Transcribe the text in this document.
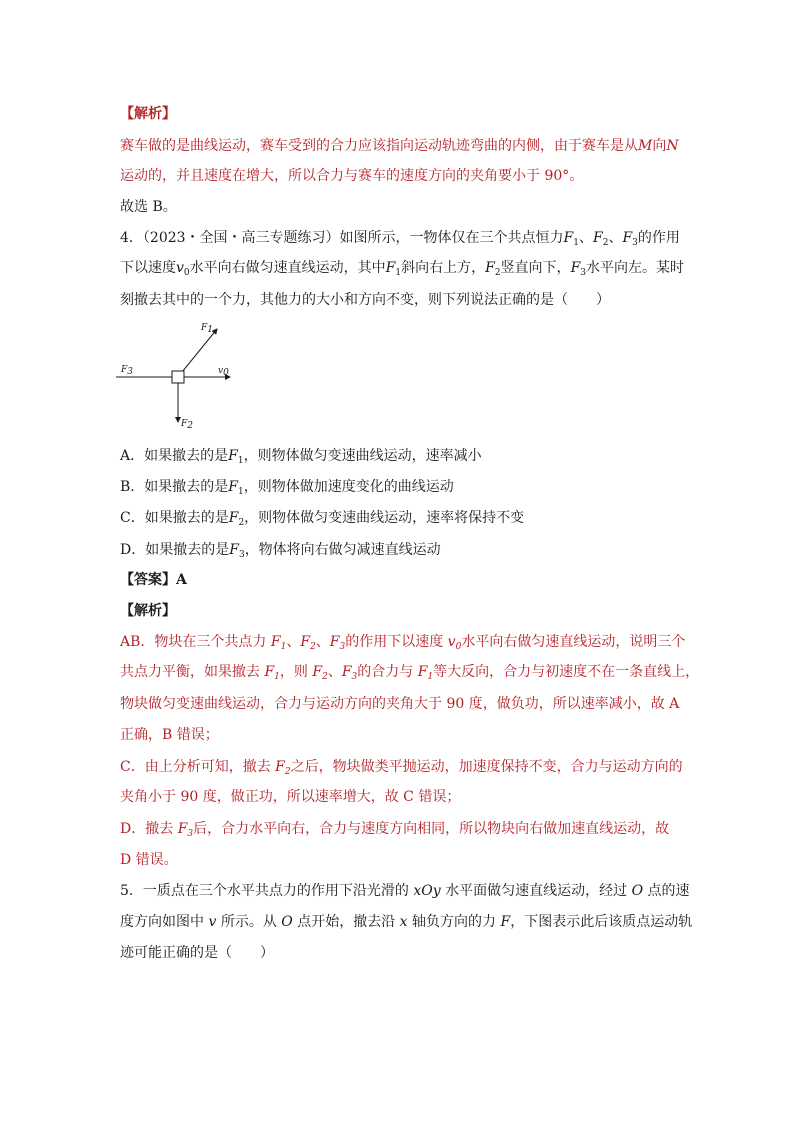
【解析】
赛车做的是曲线运动，赛车受到的合力应该指向运动轨迹弯曲的内侧，由于赛车是从M向N
运动的，并且速度在增大，所以合力与赛车的速度方向的夹角要小于 90°。
故选 B。
4．（2023・全国・高三专题练习）如图所示，一物体仅在三个共点恒力$F_1$、$F_2$、$F_3$的作用
下以速度$v_0$水平向右做匀速直线运动，其中$F_1$斜向右上方，$F_2$竖直向下，$F_3$水平向左。某时
刻撤去其中的一个力，其他力的大小和方向不变，则下列说法正确的是（　　）
F1
F3	v0
F2
A．如果撤去的是$F_1$，则物体做匀变速曲线运动，速率减小
B．如果撤去的是$F_1$，则物体做加速度变化的曲线运动
C．如果撤去的是$F_2$，则物体做匀变速曲线运动，速率将保持不变
D．如果撤去的是$F_3$，物体将向右做匀减速直线运动
【答案】A
【解析】
AB．物块在三个共点力 $F_1$、$F_2$、$F_3$的作用下以速度 $v_0$水平向右做匀速直线运动，说明三个
共点力平衡，如果撤去 $F_1$，则 $F_2$、$F_3$的合力与 $F_1$等大反向，合力与初速度不在一条直线上，
物块做匀变速曲线运动，合力与运动方向的夹角大于 90 度，做负功，所以速率减小，故 A
正确，B 错误；
C．由上分析可知，撤去 $F_2$之后，物块做类平抛运动，加速度保持不变，合力与运动方向的
夹角小于 90 度，做正功，所以速率增大，故 C 错误；
D．撤去 $F_3$后，合力水平向右，合力与速度方向相同，所以物块向右做加速直线运动，故
D 错误。
5．一质点在三个水平共点力的作用下沿光滑的 xOy 水平面做匀速直线运动，经过 O 点的速
度方向如图中 v 所示。从 O 点开始，撤去沿 x 轴负方向的力 F，下图表示此后该质点运动轨
迹可能正确的是（　　）
